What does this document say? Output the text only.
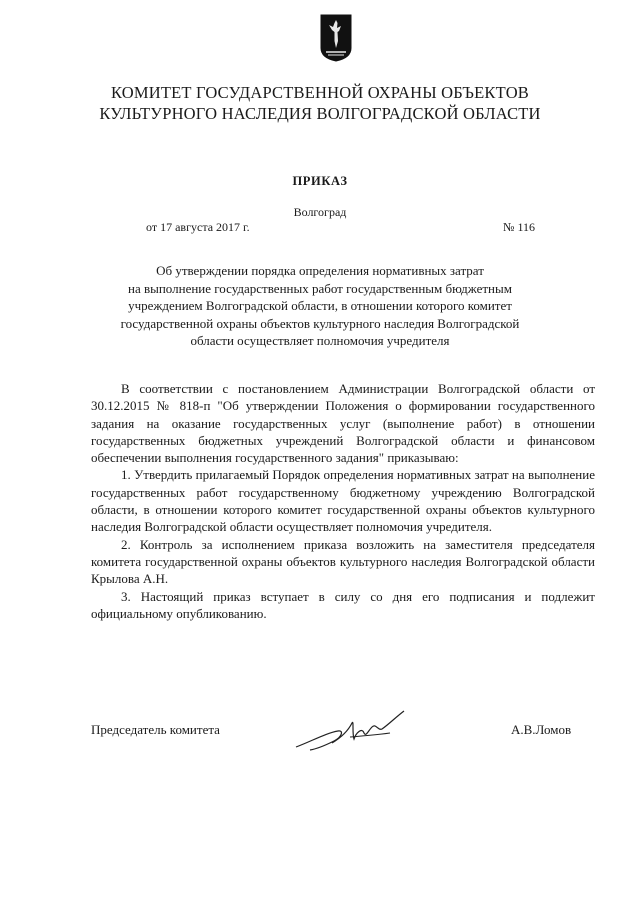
КОМИТЕТ ГОСУДАРСТВЕННОЙ ОХРАНЫ ОБЪЕКТОВ
КУЛЬТУРНОГО НАСЛЕДИЯ ВОЛГОГРАДСКОЙ ОБЛАСТИ
ПРИКАЗ
Волгоград
от 17 августа 2017 г.	№ 116
Об утверждении порядка определения нормативных затрат
на выполнение государственных работ государственным бюджетным
учреждением Волгоградской области, в отношении которого комитет
государственной охраны объектов культурного наследия Волгоградской
области осуществляет полномочия учредителя

В соответствии с постановлением Администрации Волгоградской области от 30.12.2015 № 818-п "Об утверждении Положения о формировании государственного задания на оказание государственных услуг (выполнение работ) в отношении государственных бюджетных учреждений Волгоградской области и финансовом обеспечении выполнения государственного задания" приказываю:

1. Утвердить прилагаемый Порядок определения нормативных затрат на выполнение государственных работ государственному бюджетному учреждению Волгоградской области, в отношении которого комитет государственной охраны объектов культурного наследия Волгоградской области осуществляет полномочия учредителя.

2. Контроль за исполнением приказа возложить на заместителя председателя комитета государственной охраны объектов культурного наследия Волгоградской области Крылова А.Н.

3. Настоящий приказ вступает в силу со дня его подписания и подлежит официальному опубликованию.

Председатель комитета	А.В.Ломов
